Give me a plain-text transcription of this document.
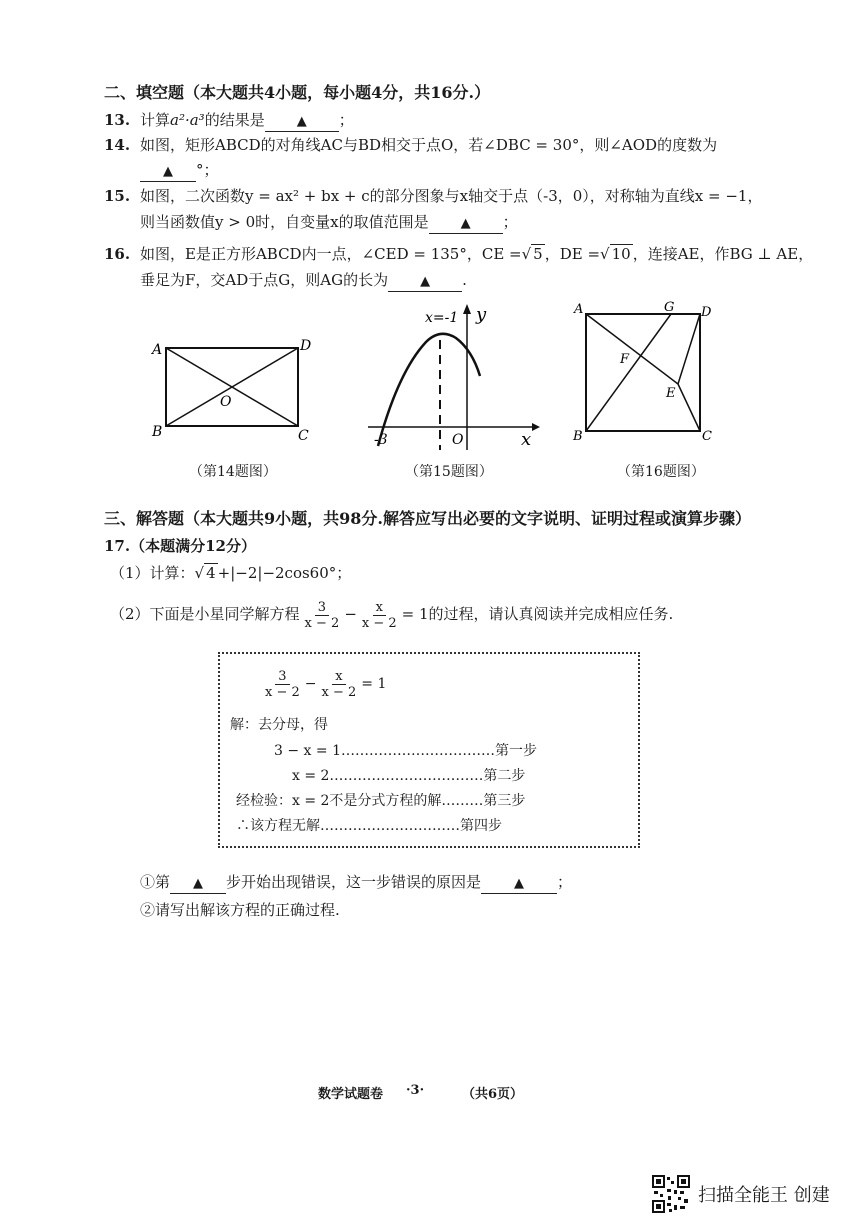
二、填空题（本大题共4小题，每小题4分，共16分.）
13. 计算a²·a³的结果是 ▲ ；
14. 如图，矩形ABCD的对角线AC与BD相交于点O，若∠DBC = 30°，则∠AOD的度数为
▲ °；
15. 如图，二次函数y = ax² + bx + c的部分图象与x轴交于点（-3，0），对称轴为直线x = −1，
则当函数值y > 0时，自变量x的取值范围是 ▲ ；
16. 如图，E是正方形ABCD内一点，∠CED = 135°，CE =√ 5 ，DE =√ 10 ，连接AE，作BG ⊥ AE，
垂足为F，交AD于点G，则AG的长为 ▲ .
A	D
B	C
O
（第14题图）
x=-1 y
x
-3	O
（第15题图）
A	G D
F
E
B	C
（第16题图）
三、解答题（本大题共9小题，共98分.解答应写出必要的文字说明、证明过程或演算步骤）
17.（本题满分12分）
（1）计算：√ 4 +|−2|−2cos60°；
（2）下面是小星同学解方程 $\frac{3}{x - 2} - \frac{x}{x - 2} = 1$的过程，请认真阅读并完成相应任务.
$\frac{3}{x - 2} - \frac{x}{x - 2} = 1$
解：去分母，得
3 − x = 1……………………………第一步
x = 2……………………………第二步
经检验：x = 2不是分式方程的解………第三步
∴该方程无解…………………………第四步
①第 ▲ 步开始出现错误，这一步错误的原因是	▲ ；
②请写出解该方程的正确过程.
数学试题卷 ·3·	（共6页）
扫描全能王 创建
